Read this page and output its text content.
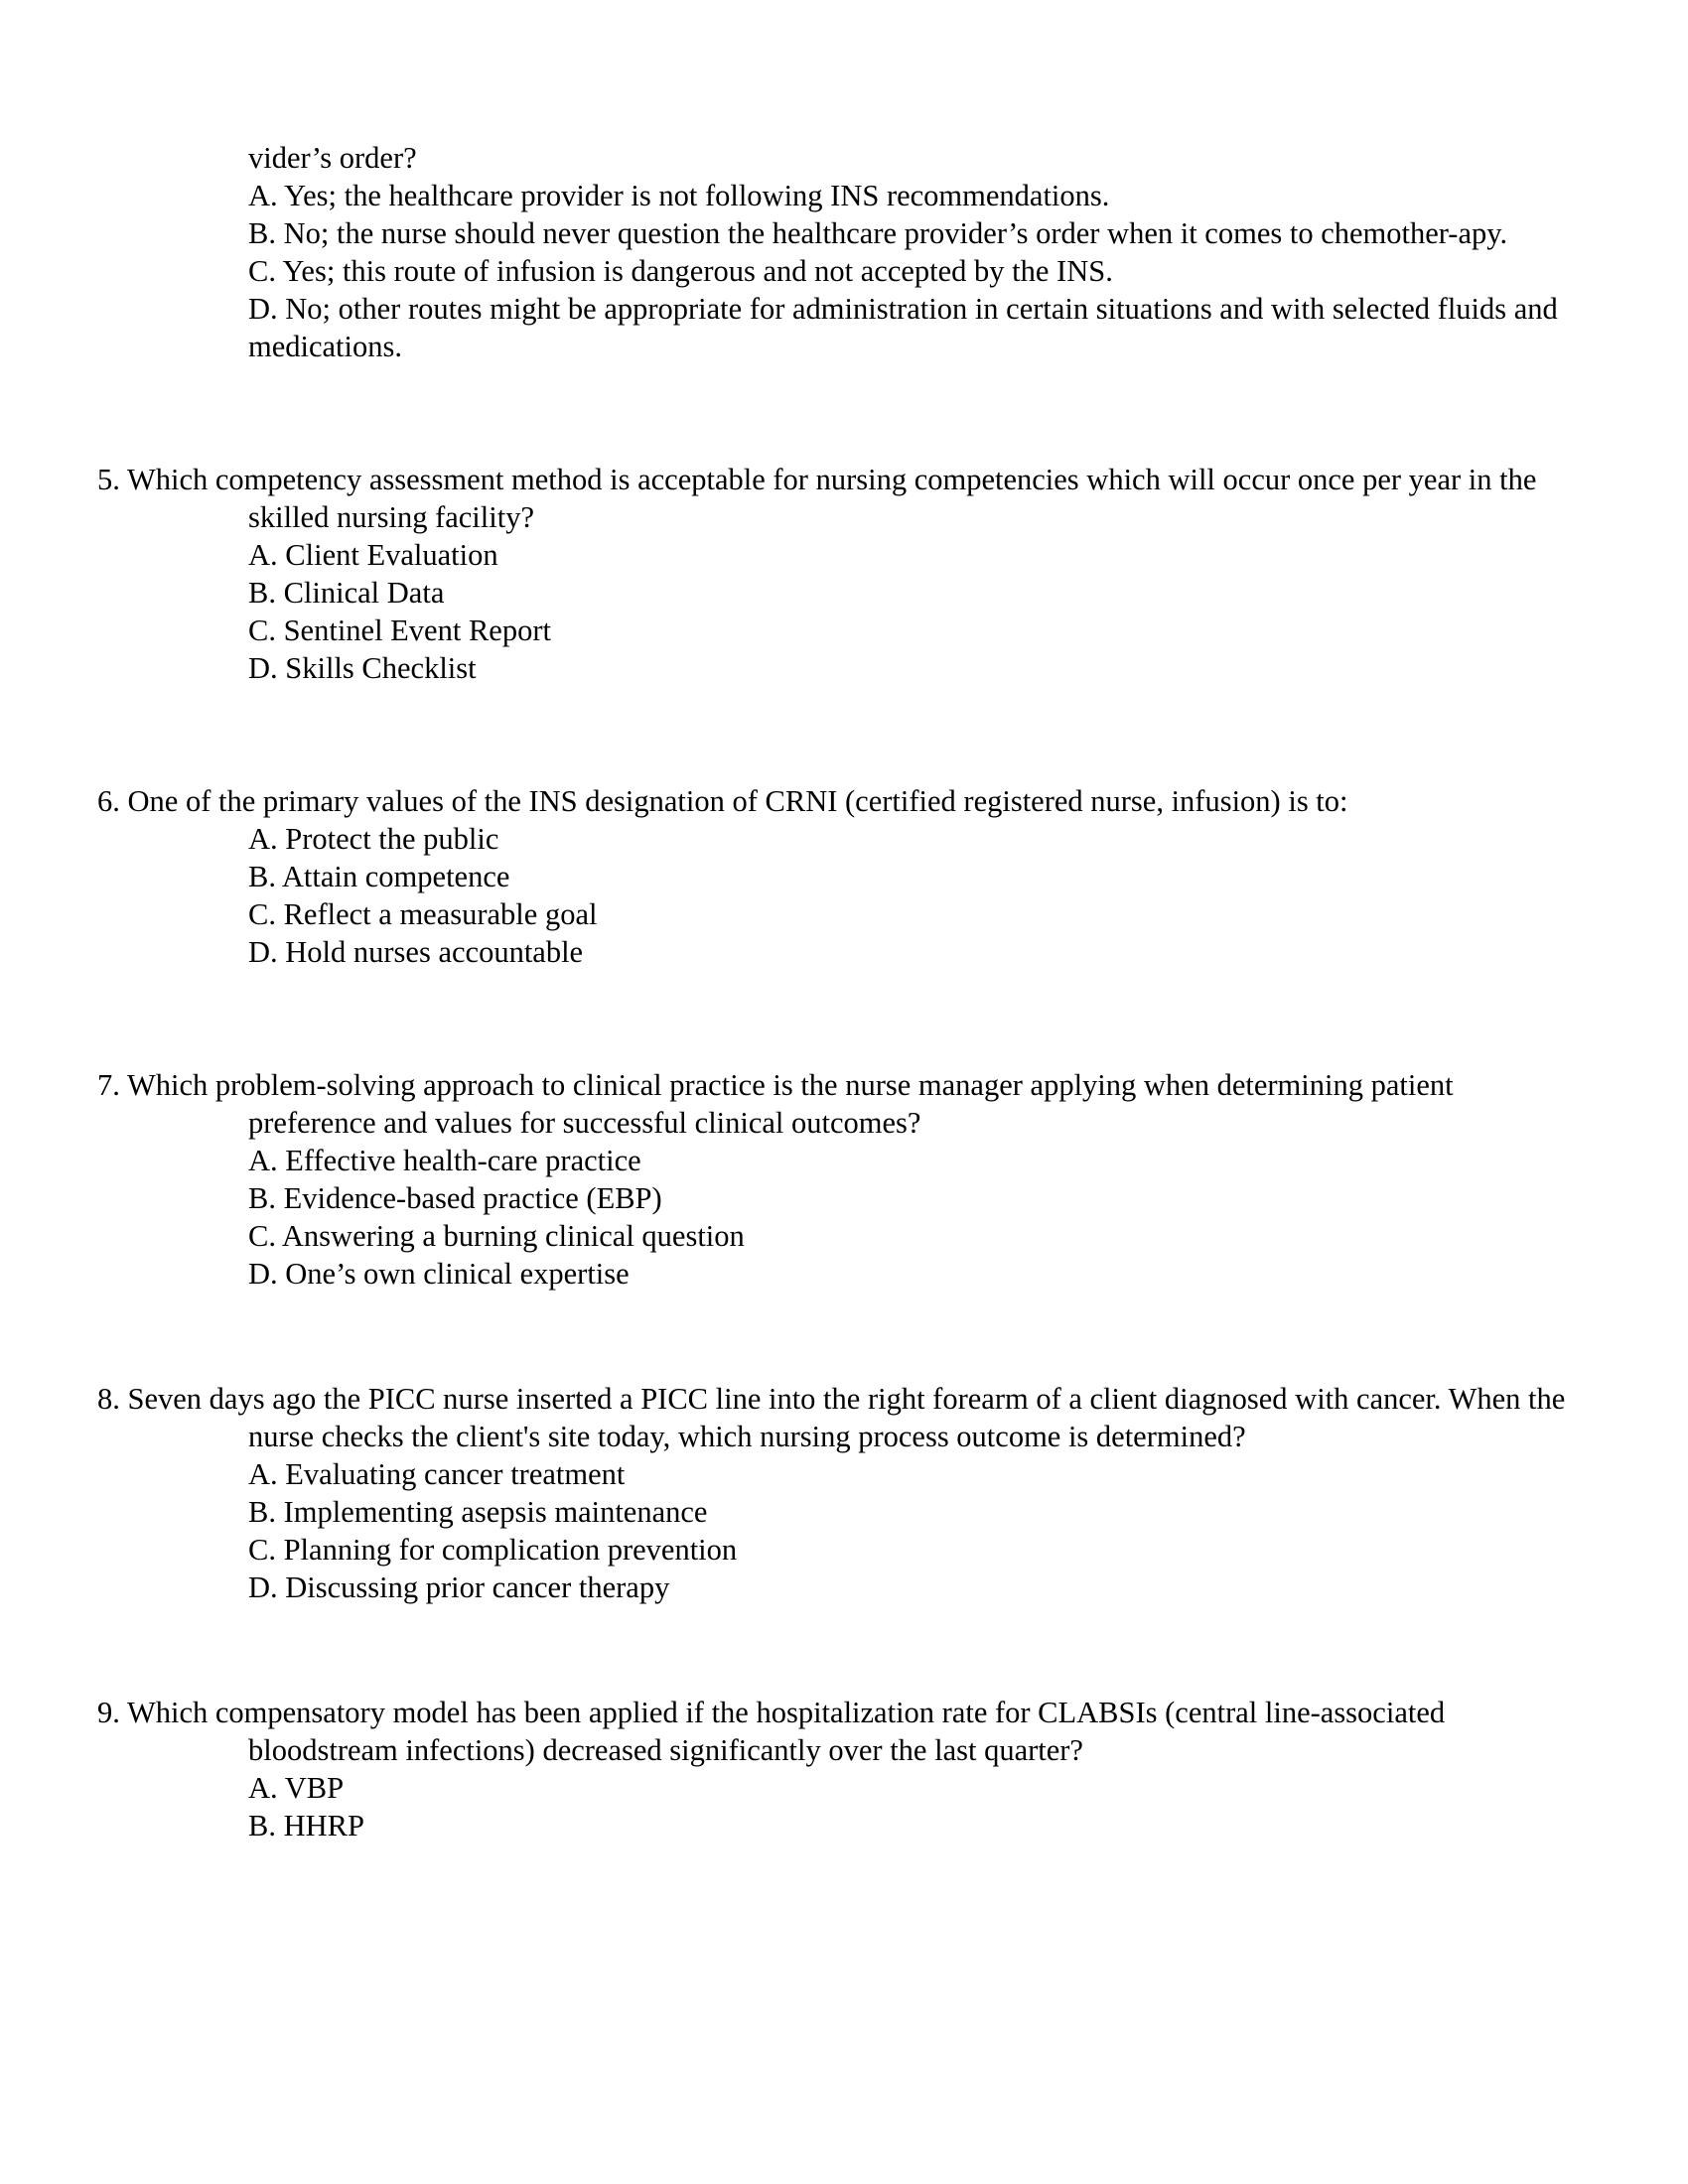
vider’s order?
A. Yes; the healthcare provider is not following INS recommendations.
B. No; the nurse should never question the healthcare provider’s order when it comes to chemother-apy.
C. Yes; this route of infusion is dangerous and not accepted by the INS.
D. No; other routes might be appropriate for administration in certain situations and with selected fluids and medications.
5. Which competency assessment method is acceptable for nursing competencies which will occur once per year in the skilled nursing facility?
A. Client Evaluation
B. Clinical Data
C. Sentinel Event Report
D. Skills Checklist
6. One of the primary values of the INS designation of CRNI (certified registered nurse, infusion) is to:
A. Protect the public
B. Attain competence
C. Reflect a measurable goal
D. Hold nurses accountable
7. Which problem-solving approach to clinical practice is the nurse manager applying when determining patient preference and values for successful clinical outcomes?
A. Effective health-care practice
B. Evidence-based practice (EBP)
C. Answering a burning clinical question
D. One’s own clinical expertise
8. Seven days ago the PICC nurse inserted a PICC line into the right forearm of a client diagnosed with cancer. When the nurse checks the client's site today, which nursing process outcome is determined?
A. Evaluating cancer treatment
B. Implementing asepsis maintenance
C. Planning for complication prevention
D. Discussing prior cancer therapy
9. Which compensatory model has been applied if the hospitalization rate for CLABSIs (central line-associated bloodstream infections) decreased significantly over the last quarter?
A. VBP
B. HHRP
